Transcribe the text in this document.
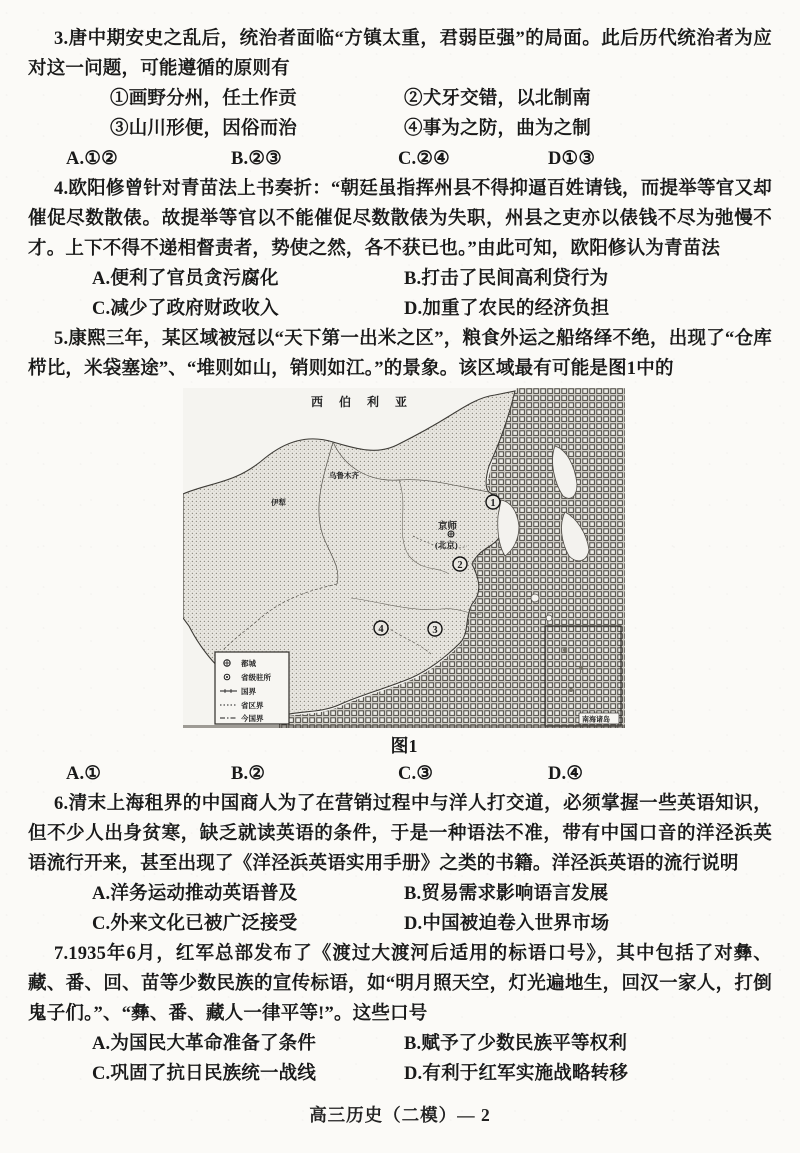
3.唐中期安史之乱后，统治者面临“方镇太重，君弱臣强”的局面。此后历代统治者为应对这一问题，可能遵循的原则有

①画野分州，任土作贡	②犬牙交错，以北制南
③山川形便，因俗而治	④事为之防，曲为之制
A.①②	B.②③	C.②④	D①③

4.欧阳修曾针对青苗法上书奏折：“朝廷虽指挥州县不得抑逼百姓请钱，而提举等官又却催促尽数散俵。故提举等官以不能催促尽数散俵为失职，州县之吏亦以俵钱不尽为弛慢不才。上下不得不递相督责者，势使之然，各不获已也。”由此可知，欧阳修认为青苗法

A.便利了官员贪污腐化	B.打击了民间高利贷行为
C.减少了政府财政收入	D.加重了农民的经济负担

5.康熙三年，某区域被冠以“天下第一出米之区”，粮食外运之船络绎不绝，出现了“仓库栉比，米袋塞途”、“堆则如山，销则如江。”的景象。该区域最有可能是图1中的

西伯利亚
乌鲁木齐
伊犁
京师
(北京)
1
2
3
4
都城
省级驻所
国界
省区界
今国界	南海诸岛
图1
A.①	B.②	C.③	D.④

6.清末上海租界的中国商人为了在营销过程中与洋人打交道，必须掌握一些英语知识，但不少人出身贫寒，缺乏就读英语的条件，于是一种语法不准，带有中国口音的洋泾浜英语流行开来，甚至出现了《洋泾浜英语实用手册》之类的书籍。洋泾浜英语的流行说明

A.洋务运动推动英语普及	B.贸易需求影响语言发展
C.外来文化已被广泛接受	D.中国被迫卷入世界市场

7.1935年6月，红军总部发布了《渡过大渡河后适用的标语口号》，其中包括了对彝、藏、番、回、苗等少数民族的宣传标语，如“明月照天空，灯光遍地生，回汉一家人，打倒鬼子们。”、“彝、番、藏人一律平等!”。这些口号

A.为国民大革命准备了条件	B.赋予了少数民族平等权利
C.巩固了抗日民族统一战线	D.有利于红军实施战略转移
高三历史（二模）— 2
